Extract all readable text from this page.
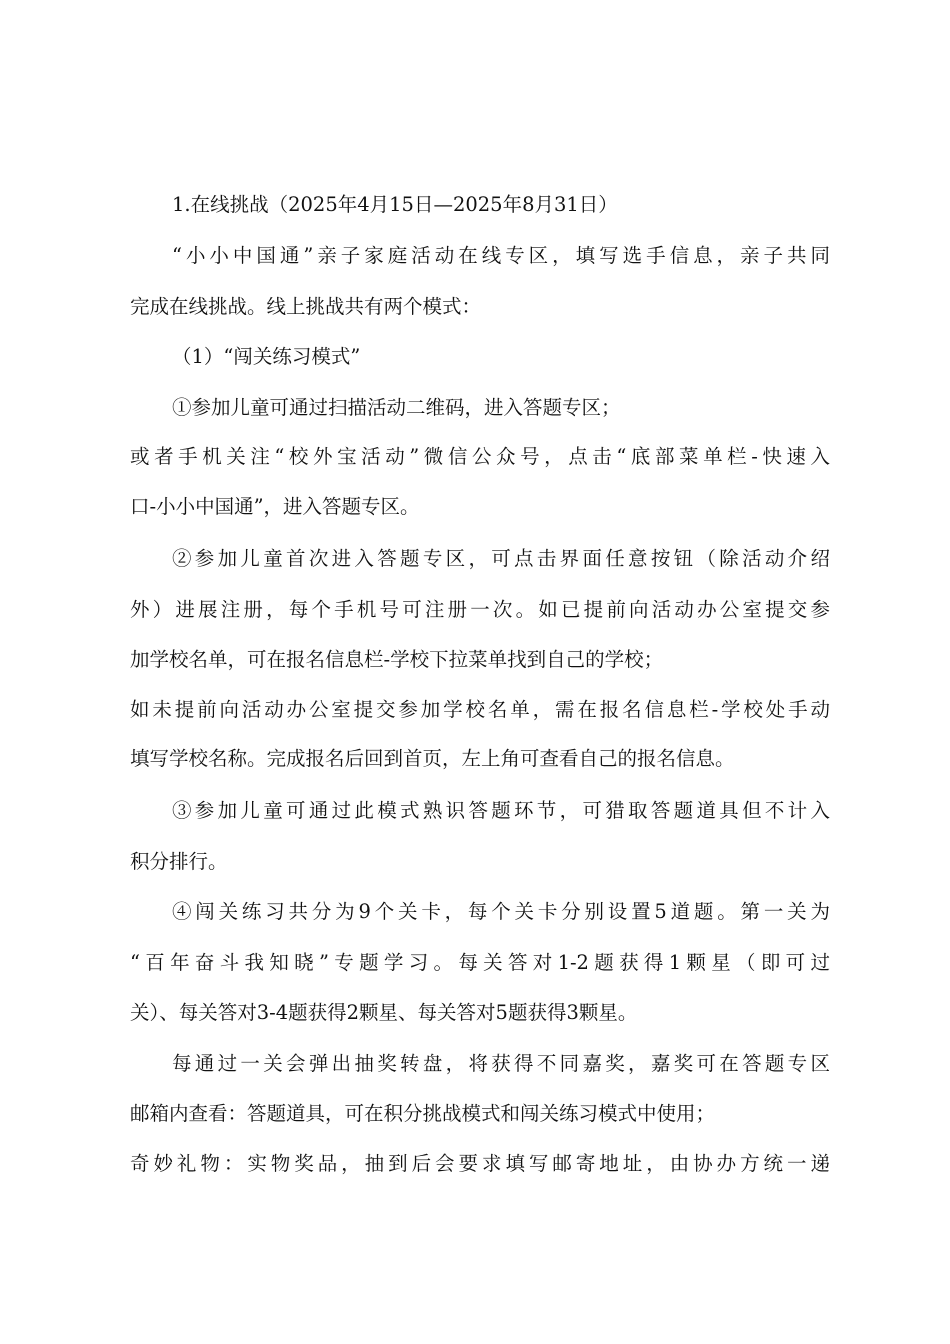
1.在线挑战（2025年4月15日—2025年8月31日）
“小小中国通”亲子家庭活动在线专区，填写选手信息，亲子共同
完成在线挑战。线上挑战共有两个模式：
（1）“闯关练习模式”
①参加儿童可通过扫描活动二维码，进入答题专区；
或者手机关注“校外宝活动”微信公众号，点击“底部菜单栏-快速入
口-小小中国通”，进入答题专区。
②参加儿童首次进入答题专区，可点击界面任意按钮（除活动介绍
外）进展注册，每个手机号可注册一次。如已提前向活动办公室提交参
加学校名单，可在报名信息栏-学校下拉菜单找到自己的学校；
如未提前向活动办公室提交参加学校名单，需在报名信息栏-学校处手动
填写学校名称。完成报名后回到首页，左上角可查看自己的报名信息。
③参加儿童可通过此模式熟识答题环节，可猎取答题道具但不计入
积分排行。
④闯关练习共分为9个关卡，每个关卡分别设置5道题。第一关为
“百年奋斗我知晓”专题学习。每关答对1-2题获得1颗星（即可过
关）、每关答对3-4题获得2颗星、每关答对5题获得3颗星。
每通过一关会弹出抽奖转盘，将获得不同嘉奖，嘉奖可在答题专区
邮箱内查看：答题道具，可在积分挑战模式和闯关练习模式中使用；
奇妙礼物：实物奖品，抽到后会要求填写邮寄地址，由协办方统一递
